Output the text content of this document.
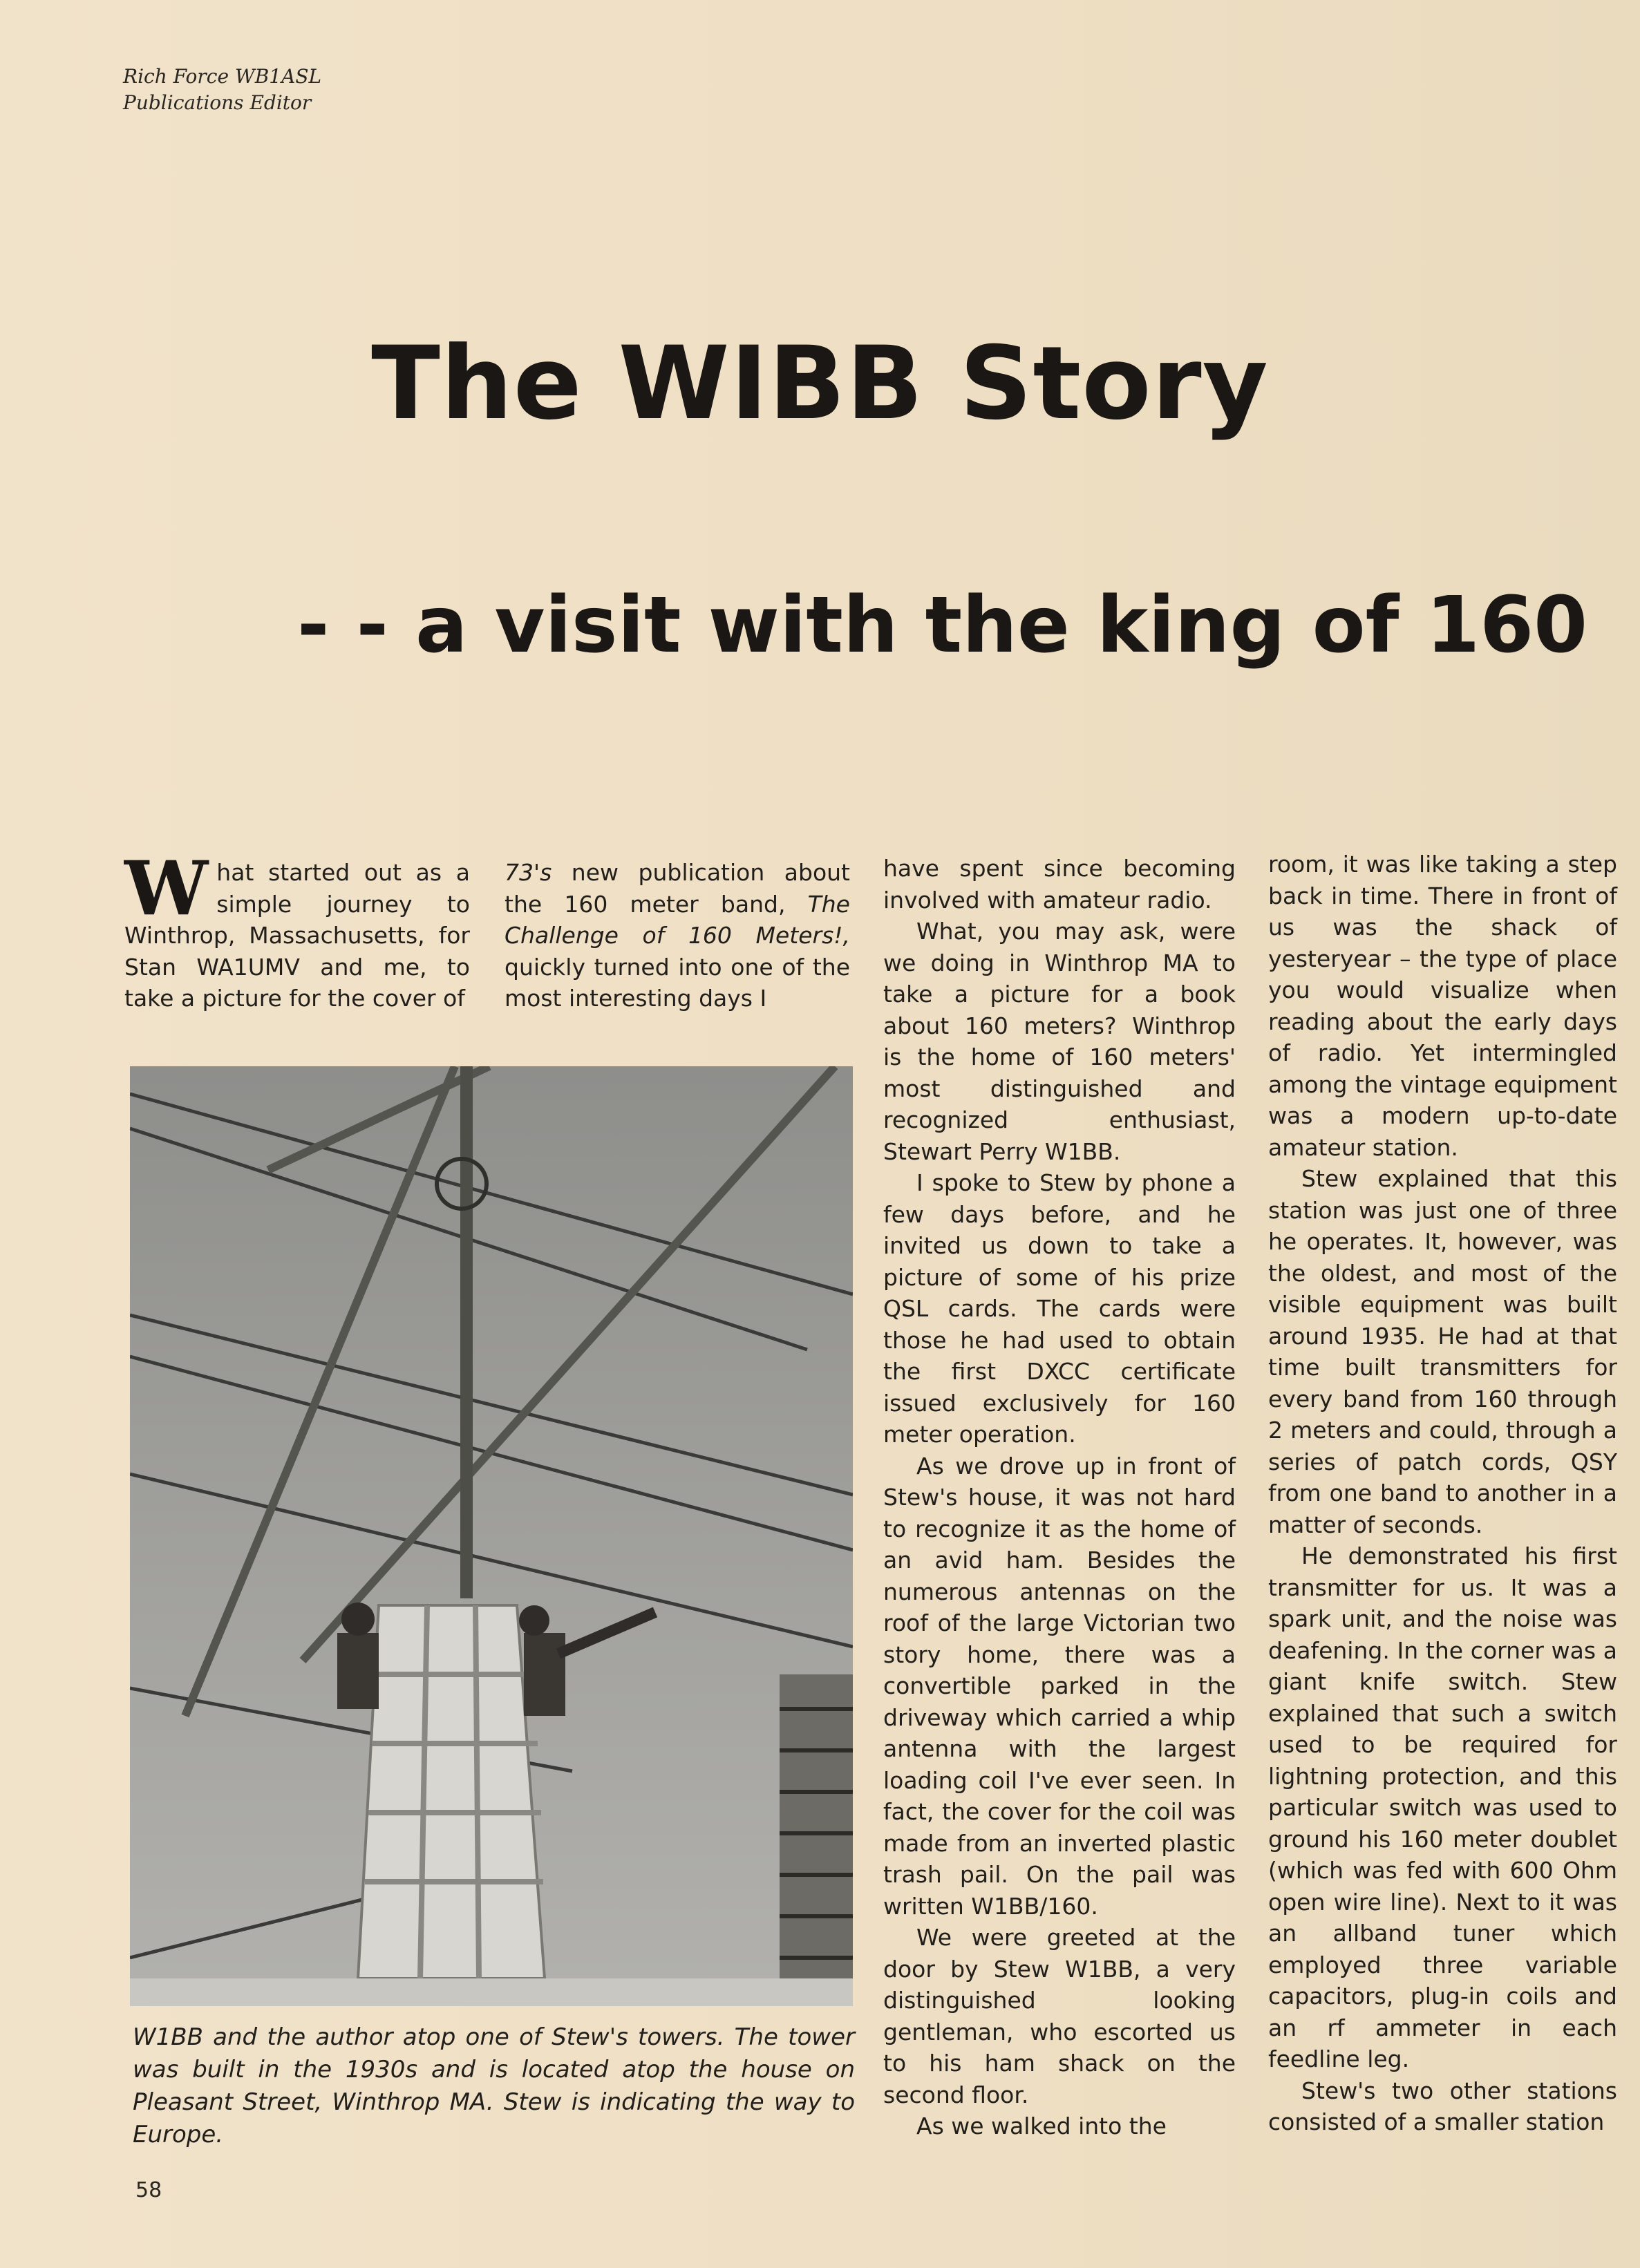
Rich Force WB1ASL
Publications Editor
The WIBB Story
- - a visit with the king of 160

What started out as a simple journey to Winthrop, Massachusetts, for Stan WA1UMV and me, to take a picture for the cover of

73's new publication about the 160 meter band, The Challenge of 160 Meters!, quickly turned into one of the most interesting days I

W1BB and the author atop one of Stew's towers. The tower was built in the 1930s and is located atop the house on Pleasant Street, Winthrop MA. Stew is indicating the way to Europe.

have spent since becoming involved with amateur radio.

What, you may ask, were we doing in Winthrop MA to take a picture for a book about 160 meters? Winthrop is the home of 160 meters' most distinguished and recognized enthusiast, Stewart Perry W1BB.

I spoke to Stew by phone a few days before, and he invited us down to take a picture of some of his prize QSL cards. The cards were those he had used to obtain the first DXCC certificate issued exclusively for 160 meter operation.

As we drove up in front of Stew's house, it was not hard to recognize it as the home of an avid ham. Besides the numerous antennas on the roof of the large Victorian two story home, there was a convertible parked in the driveway which carried a whip antenna with the largest loading coil I've ever seen. In fact, the cover for the coil was made from an inverted plastic trash pail. On the pail was written W1BB/160.

We were greeted at the door by Stew W1BB, a very distinguished looking gentleman, who escorted us to his ham shack on the second floor.

As we walked into the

room, it was like taking a step back in time. There in front of us was the shack of yesteryear – the type of place you would visualize when reading about the early days of radio. Yet intermingled among the vintage equipment was a modern up-to-date amateur station.

Stew explained that this station was just one of three he operates. It, however, was the oldest, and most of the visible equipment was built around 1935. He had at that time built transmitters for every band from 160 through 2 meters and could, through a series of patch cords, QSY from one band to another in a matter of seconds.

He demonstrated his first transmitter for us. It was a spark unit, and the noise was deafening. In the corner was a giant knife switch. Stew explained that such a switch used to be required for lightning protection, and this particular switch was used to ground his 160 meter doublet (which was fed with 600 Ohm open wire line). Next to it was an allband tuner which employed three variable capacitors, plug-in coils and an rf ammeter in each feedline leg.

Stew's two other stations consisted of a smaller station

58
